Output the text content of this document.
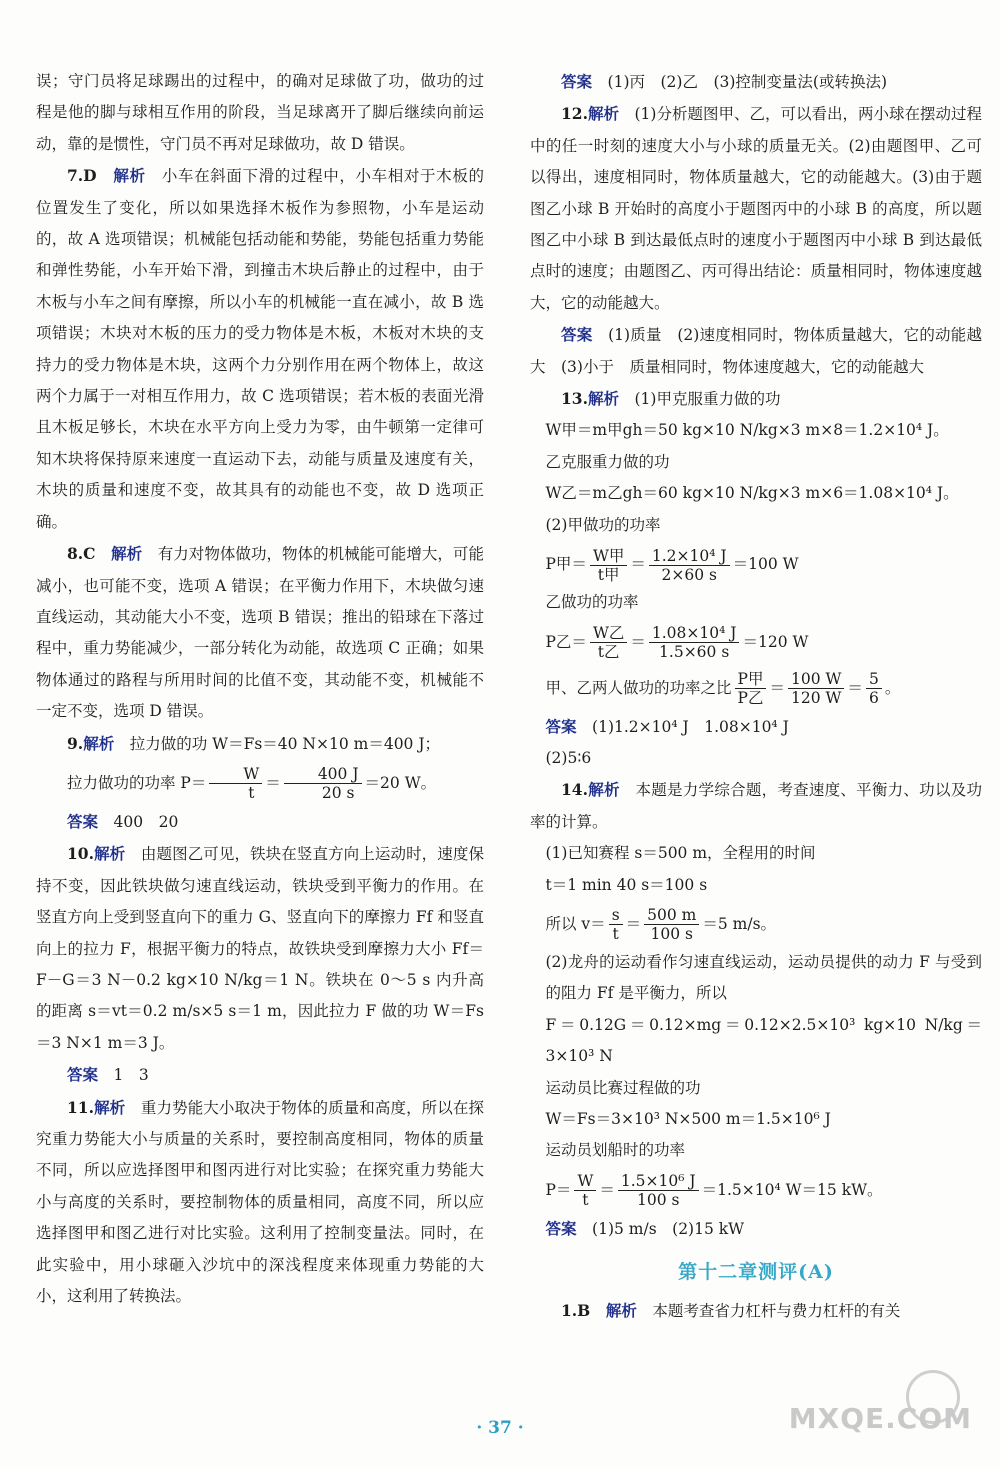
误；守门员将足球踢出的过程中，的确对足球做了功，做功的过程是他的脚与球相互作用的阶段，当足球离开了脚后继续向前运动，靠的是惯性，守门员不再对足球做功，故 D 错误。

7.D　 解析　 小车在斜面下滑的过程中，小车相对于木板的位置发生了变化，所以如果选择木板作为参照物，小车是运动的，故 A 选项错误；机械能包括动能和势能，势能包括重力势能和弹性势能，小车开始下滑，到撞击木块后静止的过程中，由于木板与小车之间有摩擦，所以小车的机械能一直在减小，故 B 选项错误；木块对木板的压力的受力物体是木板，木板对木块的支持力的受力物体是木块，这两个力分别作用在两个物体上，故这两个力属于一对相互作用力，故 C 选项错误；若木板的表面光滑且木板足够长，木块在水平方向上受力为零，由牛顿第一定律可知木块将保持原来速度一直运动下去，动能与质量及速度有关，木块的质量和速度不变，故其具有的动能也不变，故 D 选项正确。

8.C　 解析　 有力对物体做功，物体的机械能可能增大，可能减小，也可能不变，选项 A 错误；在平衡力作用下，木块做匀速直线运动，其动能大小不变，选项 B 错误；推出的铅球在下落过程中，重力势能减少，一部分转化为动能，故选项 C 正确；如果物体通过的路程与所用时间的比值不变，其动能不变，机械能不一定不变，选项 D 错误。

9.解析　 拉力做的功 W＝Fs＝40 N×10 m＝400 J；

拉力做功的功率 $P= \frac{W}{t} = \frac{400 J}{20 s} =20$ W。

答案　 400　20

10.解析　 由题图乙可见，铁块在竖直方向上运动时，速度保持不变，因此铁块做匀速直线运动，铁块受到平衡力的作用。在竖直方向上受到竖直向下的重力 G、竖直向下的摩擦力 Ff 和竖直向上的拉力 F，根据平衡力的特点，故铁块受到摩擦力大小 Ff＝F－G＝3 N－0.2 kg×10 N/kg＝1 N。铁块在 0～5 s 内升高的距离 s＝vt＝0.2 m/s×5 s＝1 m，因此拉力 F 做的功 W＝Fs＝3 N×1 m＝3 J。

答案　 1　3

11.解析　 重力势能大小取决于物体的质量和高度，所以在探究重力势能大小与质量的关系时，要控制高度相同，物体的质量不同，所以应选择图甲和图丙进行对比实验；在探究重力势能大小与高度的关系时，要控制物体的质量相同，高度不同，所以应选择图甲和图乙进行对比实验。这利用了控制变量法。同时，在此实验中，用小球砸入沙坑中的深浅程度来体现重力势能的大小，这利用了转换法。

答案　 (1)丙　(2)乙　(3)控制变量法(或转换法)

12.解析　 (1)分析题图甲、乙，可以看出，两小球在摆动过程中的任一时刻的速度大小与小球的质量无关。(2)由题图甲、乙可以得出，速度相同时，物体质量越大，它的动能越大。(3)由于题图乙小球 B 开始时的高度小于题图丙中的小球 B 的高度，所以题图乙中小球 B 到达最低点时的速度小于题图丙中小球 B 到达最低点时的速度；由题图乙、丙可得出结论：质量相同时，物体速度越大，它的动能越大。

答案　 (1)质量　(2)速度相同时，物体质量越大，它的动能越大　(3)小于　质量相同时，物体速度越大，它的动能越大

13.解析　 (1)甲克服重力做的功

W甲＝m甲gh＝50 kg×10 N/kg×3 m×8＝1.2×10⁴ J。

乙克服重力做的功

W乙＝m乙gh＝60 kg×10 N/kg×3 m×6＝1.08×10⁴ J。

(2)甲做功的功率

P甲＝ $\frac{\text{W甲}}{\text{t甲}} = \frac{\text{1.2×10⁴ J}}{2\times 60 s} =100$ W

乙做功的功率

P乙＝ $\frac{\text{W乙}}{\text{t乙}} = \frac{\text{1.08×10⁴ J}}{1.5\times 60 s} =120$ W

甲、乙两人做功的功率之比 $\frac{\text{P甲}}{\text{P乙}} = \frac{100 W}{120 W} = \frac{5}{6}$ 。

答案　 (1)1.2×10⁴ J　1.08×10⁴ J

(2)5∶6

14.解析　 本题是力学综合题，考查速度、平衡力、功以及功率的计算。

(1)已知赛程 s＝500 m，全程用的时间

t＝1 min 40 s＝100 s

所以 $v= \frac{s}{t} = \frac{500 m}{100 s} =5$ m/s。

(2)龙舟的运动看作匀速直线运动，运动员提供的动力 F 与受到的阻力 Ff 是平衡力，所以

F＝0.12G＝0.12×mg＝0.12×2.5×10³ kg×10 N/kg＝3×10³ N

运动员比赛过程做的功

W＝Fs＝3×10³ N×500 m＝1.5×10⁶ J

运动员划船时的功率

$P= \frac{W}{t} = \frac{\text{1.5×10⁶ J}}{100 s} =1.5\times 10^4$ W＝15 kW。

答案　 (1)5 m/s　(2)15 kW

第十二章测评(A)

1.B　 解析　 本题考查省力杠杆与费力杠杆的有关

· 37 ·	MXQE.COM
